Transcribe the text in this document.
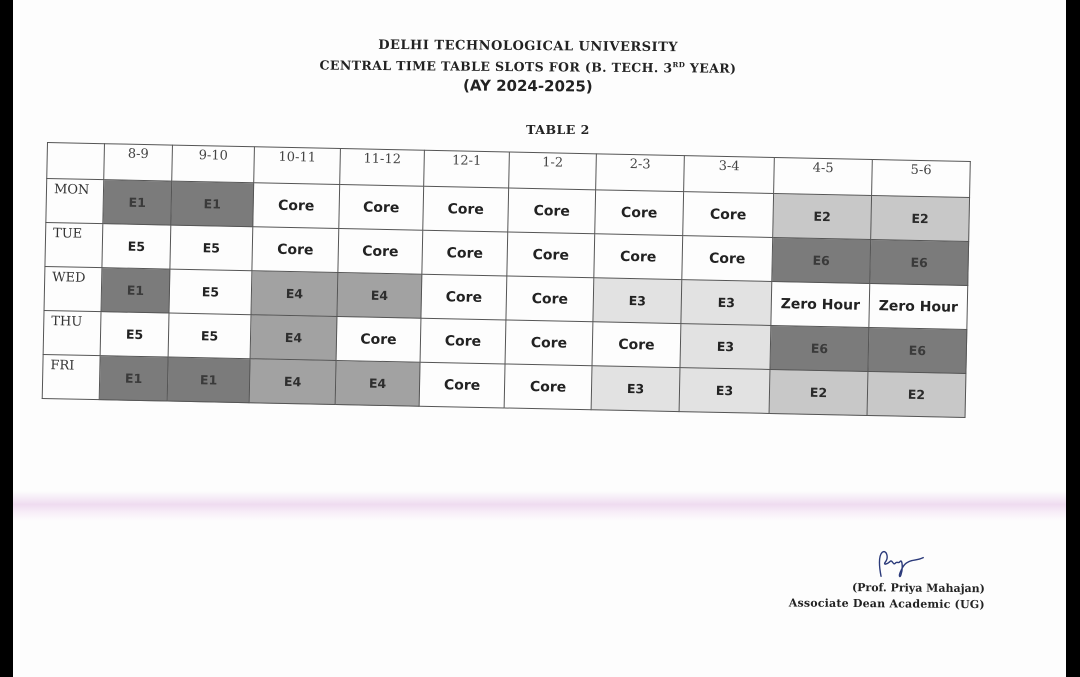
DELHI TECHNOLOGICAL UNIVERSITY
CENTRAL TIME TABLE SLOTS FOR (B. TECH. 3RD YEAR)
(AY 2024-2025)
TABLE 2
	8-9	9-10	10-11	11-12	12-1	1-2	2-3	3-4	4-5	5-6
MON	E1	E1	Core	Core	Core	Core	Core	Core	E2	E2
TUE	E5	E5	Core	Core	Core	Core	Core	Core	E6	E6
WED	E1	E5	E4	E4	Core	Core	E3	E3	Zero Hour	Zero Hour
THU	E5	E5	E4	Core	Core	Core	Core	E3	E6	E6
FRI	E1	E1	E4	E4	Core	Core	E3	E3	E2	E2
(Prof. Priya Mahajan)
Associate Dean Academic (UG)
